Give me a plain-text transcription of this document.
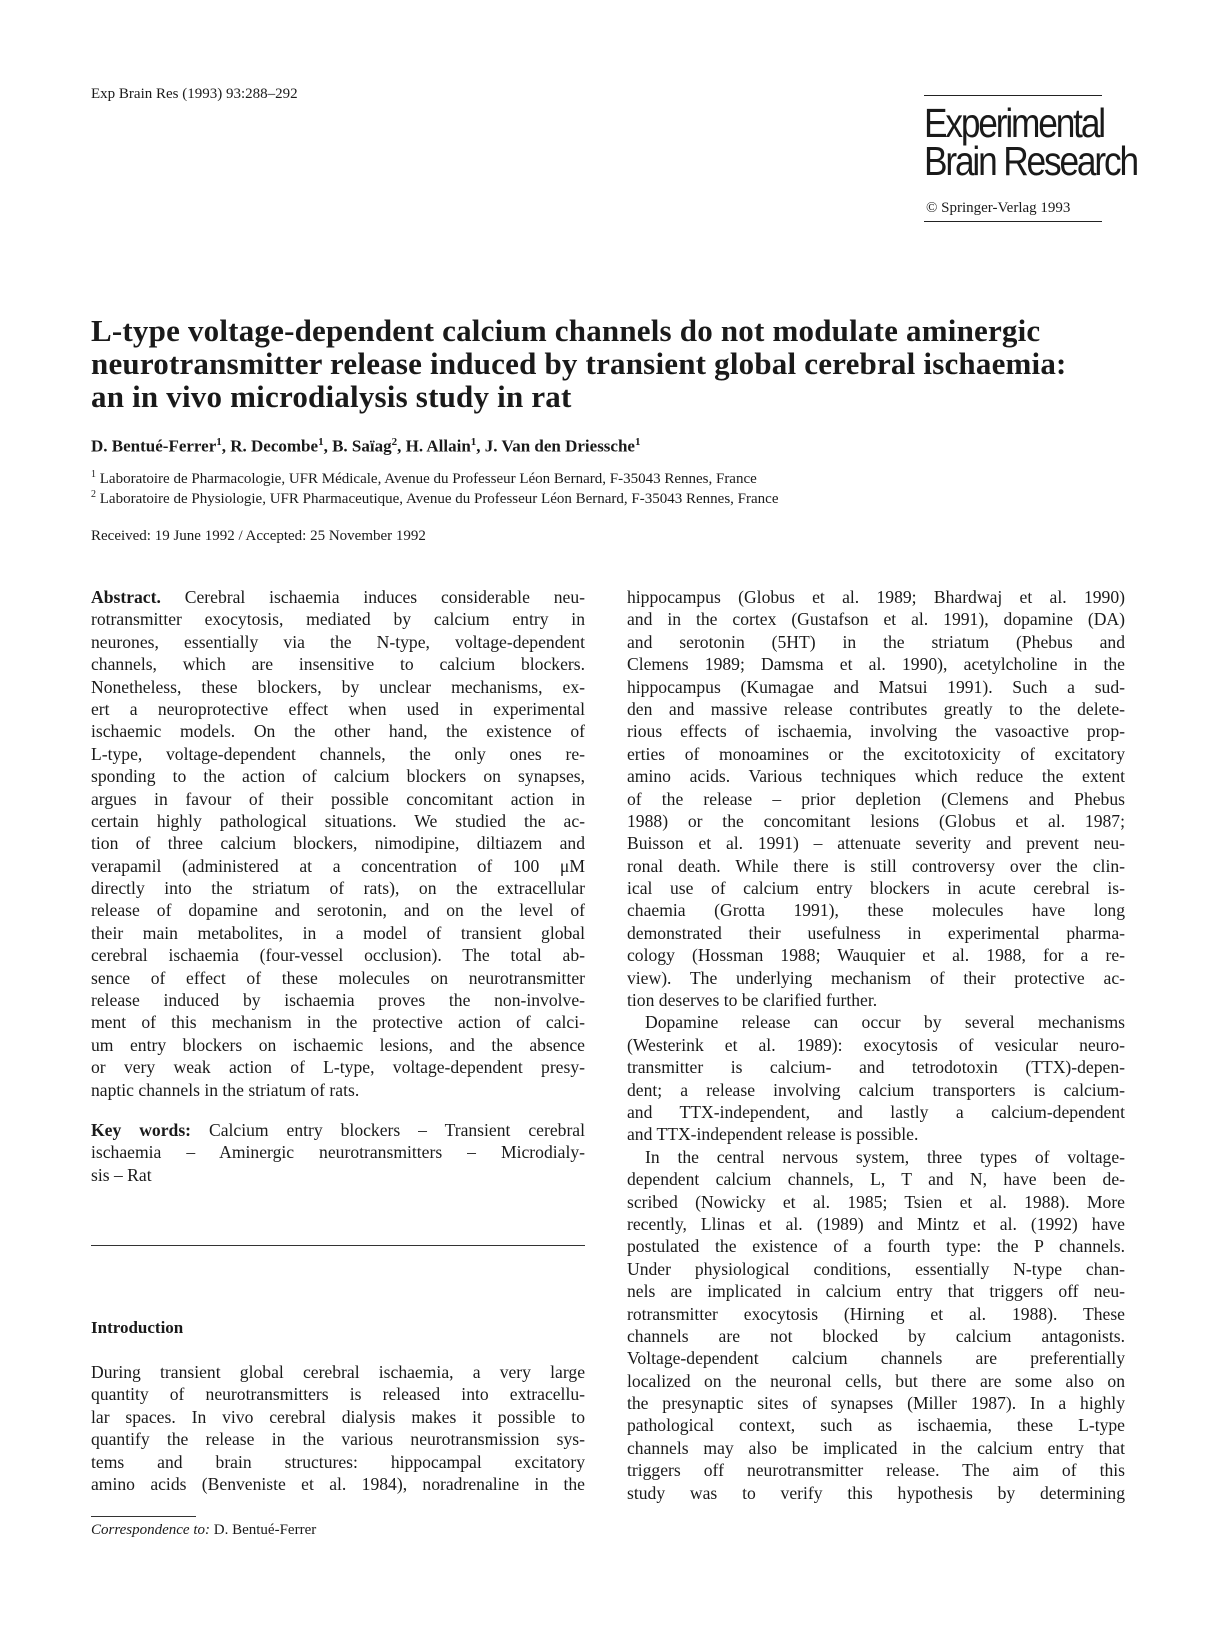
Exp Brain Res (1993) 93:288–292
Experimental
Brain Research
© Springer-Verlag 1993
L-type voltage-dependent calcium channels do not modulate aminergic
neurotransmitter release induced by transient global cerebral ischaemia:
an in vivo microdialysis study in rat
D. Bentué-Ferrer$^1$, R. Decombe$^1$, B. Saïag$^2$, H. Allain$^1$, J. Van den Driessche$^1$
$^1$ Laboratoire de Pharmacologie, UFR Médicale, Avenue du Professeur Léon Bernard, F-35043 Rennes, France
$^2$ Laboratoire de Physiologie, UFR Pharmaceutique, Avenue du Professeur Léon Bernard, F-35043 Rennes, France
Received: 19 June 1992 / Accepted: 25 November 1992
Abstract. Cerebral ischaemia induces considerable neu-
rotransmitter exocytosis, mediated by calcium entry in
neurones, essentially via the N-type, voltage-dependent
channels, which are insensitive to calcium blockers.
Nonetheless, these blockers, by unclear mechanisms, ex-
ert a neuroprotective effect when used in experimental
ischaemic models. On the other hand, the existence of
L-type, voltage-dependent channels, the only ones re-
sponding to the action of calcium blockers on synapses,
argues in favour of their possible concomitant action in
certain highly pathological situations. We studied the ac-
tion of three calcium blockers, nimodipine, diltiazem and
verapamil (administered at a concentration of 100 μM
directly into the striatum of rats), on the extracellular
release of dopamine and serotonin, and on the level of
their main metabolites, in a model of transient global
cerebral ischaemia (four-vessel occlusion). The total ab-
sence of effect of these molecules on neurotransmitter
release induced by ischaemia proves the non-involve-
ment of this mechanism in the protective action of calci-
um entry blockers on ischaemic lesions, and the absence
or very weak action of L-type, voltage-dependent presy-
naptic channels in the striatum of rats.
Key words: Calcium entry blockers – Transient cerebral
ischaemia – Aminergic neurotransmitters – Microdialy-
sis – Rat
Introduction
During transient global cerebral ischaemia, a very large
quantity of neurotransmitters is released into extracellu-
lar spaces. In vivo cerebral dialysis makes it possible to
quantify the release in the various neurotransmission sys-
tems and brain structures: hippocampal excitatory
amino acids (Benveniste et al. 1984), noradrenaline in the
Correspondence to: D. Bentué-Ferrer
hippocampus (Globus et al. 1989; Bhardwaj et al. 1990)
and in the cortex (Gustafson et al. 1991), dopamine (DA)
and serotonin (5HT) in the striatum (Phebus and
Clemens 1989; Damsma et al. 1990), acetylcholine in the
hippocampus (Kumagae and Matsui 1991). Such a sud-
den and massive release contributes greatly to the delete-
rious effects of ischaemia, involving the vasoactive prop-
erties of monoamines or the excitotoxicity of excitatory
amino acids. Various techniques which reduce the extent
of the release – prior depletion (Clemens and Phebus
1988) or the concomitant lesions (Globus et al. 1987;
Buisson et al. 1991) – attenuate severity and prevent neu-
ronal death. While there is still controversy over the clin-
ical use of calcium entry blockers in acute cerebral is-
chaemia (Grotta 1991), these molecules have long
demonstrated their usefulness in experimental pharma-
cology (Hossman 1988; Wauquier et al. 1988, for a re-
view). The underlying mechanism of their protective ac-
tion deserves to be clarified further.
Dopamine release can occur by several mechanisms
(Westerink et al. 1989): exocytosis of vesicular neuro-
transmitter is calcium- and tetrodotoxin (TTX)-depen-
dent; a release involving calcium transporters is calcium-
and TTX-independent, and lastly a calcium-dependent
and TTX-independent release is possible.
In the central nervous system, three types of voltage-
dependent calcium channels, L, T and N, have been de-
scribed (Nowicky et al. 1985; Tsien et al. 1988). More
recently, Llinas et al. (1989) and Mintz et al. (1992) have
postulated the existence of a fourth type: the P channels.
Under physiological conditions, essentially N-type chan-
nels are implicated in calcium entry that triggers off neu-
rotransmitter exocytosis (Hirning et al. 1988). These
channels are not blocked by calcium antagonists.
Voltage-dependent calcium channels are preferentially
localized on the neuronal cells, but there are some also on
the presynaptic sites of synapses (Miller 1987). In a highly
pathological context, such as ischaemia, these L-type
channels may also be implicated in the calcium entry that
triggers off neurotransmitter release. The aim of this
study was to verify this hypothesis by determining
